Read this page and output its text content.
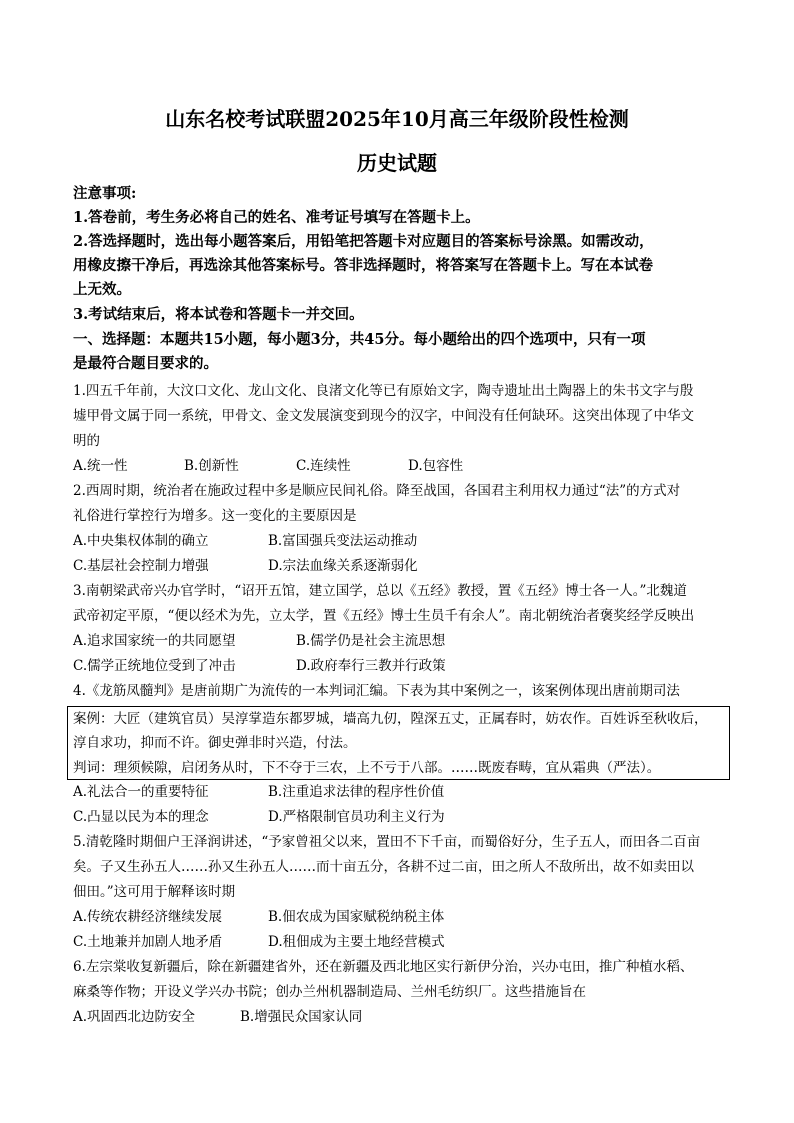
山东名校考试联盟2025年10月高三年级阶段性检测
历史试题
注意事项:
1.答卷前，考生务必将自己的姓名、准考证号填写在答题卡上。
2.答选择题时，选出每小题答案后，用铅笔把答题卡对应题目的答案标号涂黑。如需改动，
用橡皮擦干净后，再选涂其他答案标号。答非选择题时，将答案写在答题卡上。写在本试卷
上无效。
3.考试结束后，将本试卷和答题卡一并交回。
一、选择题：本题共15小题，每小题3分，共45分。每小题给出的四个选项中，只有一项
是最符合题目要求的。
1.四五千年前，大汶口文化、龙山文化、良渚文化等已有原始文字，陶寺遗址出土陶器上的朱书文字与殷
墟甲骨文属于同一系统，甲骨文、金文发展演变到现今的汉字，中间没有任何缺环。这突出体现了中华文
明的
A.统一性	B.创新性	C.连续性	D.包容性
2.西周时期，统治者在施政过程中多是顺应民间礼俗。降至战国，各国君主利用权力通过“法”的方式对
礼俗进行掌控行为增多。这一变化的主要原因是
A.中央集权体制的确立	B.富国强兵变法运动推动
C.基层社会控制力增强	D.宗法血缘关系逐渐弱化
3.南朝梁武帝兴办官学时，“诏开五馆，建立国学，总以《五经》教授，置《五经》博士各一人。”北魏道
武帝初定平原，“便以经术为先，立太学，置《五经》博士生员千有余人”。南北朝统治者褒奖经学反映出
A.追求国家统一的共同愿望	B.儒学仍是社会主流思想
C.儒学正统地位受到了冲击	D.政府奉行三教并行政策
4.《龙筋凤髓判》是唐前期广为流传的一本判词汇编。下表为其中案例之一，该案例体现出唐前期司法
案例：大匠（建筑官员）吴淳掌造东都罗城，墙高九仞，隍深五丈，正属春时，妨农作。百姓诉至秋收后，
淳自求功，抑而不许。御史弹非时兴造，付法。
判词：理须候隙，启闭务从时，下不夺于三农，上不亏于八部。……既废春畴，宜从霜典（严法）。
A.礼法合一的重要特征	B.注重追求法律的程序性价值
C.凸显以民为本的理念	D.严格限制官员功利主义行为
5.清乾隆时期佃户王泽润讲述，“予家曾祖父以来，置田不下千亩，而蜀俗好分，生子五人，而田各二百亩
矣。子又生孙五人……孙又生孙五人……而十亩五分，各耕不过二亩，田之所人不敌所出，故不如卖田以
佃田。”这可用于解释该时期
A.传统农耕经济继续发展	B.佃农成为国家赋税纳税主体
C.土地兼并加剧人地矛盾	D.租佃成为主要土地经营模式
6.左宗棠收复新疆后，除在新疆建省外，还在新疆及西北地区实行新伊分治，兴办屯田，推广种植水稻、
麻桑等作物；开设义学兴办书院；创办兰州机器制造局、兰州毛纺织厂。这些措施旨在
A.巩固西北边防安全	B.增强民众国家认同
